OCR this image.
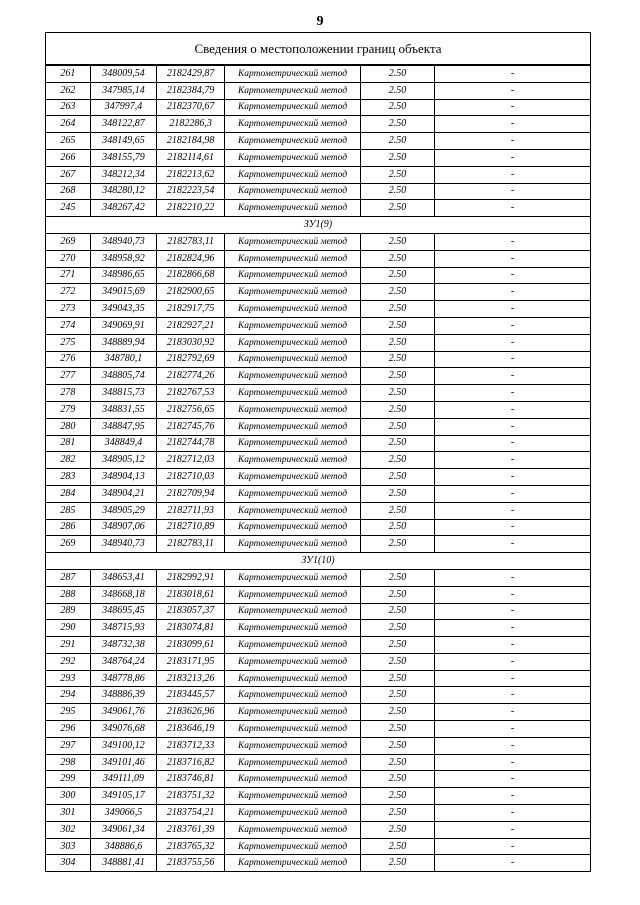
9
Сведения о местоположении границ объекта
261	348009,54	2182429,87	Картометрический метод	2.50	-
262	347985,14	2182384,79	Картометрический метод	2.50	-
263	347997,4	2182370,67	Картометрический метод	2.50	-
264	348122,87	2182286,3	Картометрический метод	2.50	-
265	348149,65	2182184,98	Картометрический метод	2.50	-
266	348155,79	2182114,61	Картометрический метод	2.50	-
267	348212,34	2182213,62	Картометрический метод	2.50	-
268	348280,12	2182223,54	Картометрический метод	2.50	-
245	348267,42	2182210,22	Картометрический метод	2.50	-
ЗУ1(9)					
269	348940,73	2182783,11	Картометрический метод	2.50	-
270	348958,92	2182824,96	Картометрический метод	2.50	-
271	348986,65	2182866,68	Картометрический метод	2.50	-
272	349015,69	2182900,65	Картометрический метод	2.50	-
273	349043,35	2182917,75	Картометрический метод	2.50	-
274	349069,91	2182927,21	Картометрический метод	2.50	-
275	348889,94	2183030,92	Картометрический метод	2.50	-
276	348780,1	2182792,69	Картометрический метод	2.50	-
277	348805,74	2182774,26	Картометрический метод	2.50	-
278	348815,73	2182767,53	Картометрический метод	2.50	-
279	348831,55	2182756,65	Картометрический метод	2.50	-
280	348847,95	2182745,76	Картометрический метод	2.50	-
281	348849,4	2182744,78	Картометрический метод	2.50	-
282	348905,12	2182712,03	Картометрический метод	2.50	-
283	348904,13	2182710,03	Картометрический метод	2.50	-
284	348904,21	2182709,94	Картометрический метод	2.50	-
285	348905,29	2182711,93	Картометрический метод	2.50	-
286	348907,06	2182710,89	Картометрический метод	2.50	-
269	348940,73	2182783,11	Картометрический метод	2.50	-
ЗУ1(10)					
287	348653,41	2182992,91	Картометрический метод	2.50	-
288	348668,18	2183018,61	Картометрический метод	2.50	-
289	348695,45	2183057,37	Картометрический метод	2.50	-
290	348715,93	2183074,81	Картометрический метод	2.50	-
291	348732,38	2183099,61	Картометрический метод	2.50	-
292	348764,24	2183171,95	Картометрический метод	2.50	-
293	348778,86	2183213,26	Картометрический метод	2.50	-
294	348886,39	2183445,57	Картометрический метод	2.50	-
295	349061,76	2183626,96	Картометрический метод	2.50	-
296	349076,68	2183646,19	Картометрический метод	2.50	-
297	349100,12	2183712,33	Картометрический метод	2.50	-
298	349101,46	2183716,82	Картометрический метод	2.50	-
299	349111,09	2183746,81	Картометрический метод	2.50	-
300	349105,17	2183751,32	Картометрический метод	2.50	-
301	349066,5	2183754,21	Картометрический метод	2.50	-
302	349061,34	2183761,39	Картометрический метод	2.50	-
303	348886,6	2183765,32	Картометрический метод	2.50	-
304	348881,41	2183755,56	Картометрический метод	2.50	-
